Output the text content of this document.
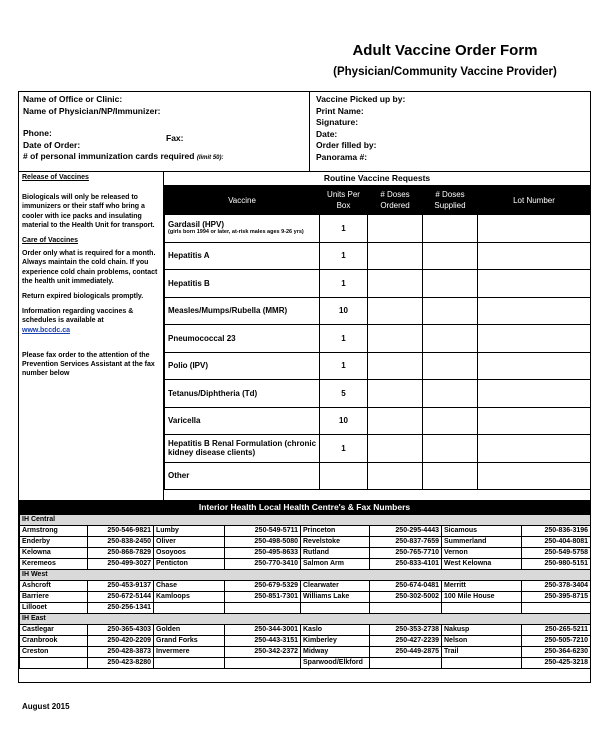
Adult Vaccine Order Form
(Physician/Community Vaccine Provider)
Name of Office or Clinic:
Name of Physician/NP/Immunizer:
Phone:	Fax:
Date of Order:
# of personal immunization cards required (limit 50):
Vaccine Picked up by:
Print Name:
Signature:
Date:
Order filled by:
Panorama #:
Release of Vaccines

Biologicals will only be released to immunizers or their staff who bring a cooler with ice packs and insulating material to the Health Unit for transport.

Care of Vaccines

Order only what is required for a month. Always maintain the cold chain. If you experience cold chain problems, contact the health unit immediately.

Return expired biologicals promptly.

Information regarding vaccines & schedules is available at

www.bccdc.ca

Please fax order to the attention of the Prevention Services Assistant at the fax number below

Routine Vaccine Requests
Vaccine	Units Per Box	# Doses Ordered	# Doses Supplied	Lot Number
Gardasil (HPV)
(girls born 1994 or later, at-risk males ages 9-26 yrs)	1			
Hepatitis A	1			
Hepatitis B	1			
Measles/Mumps/Rubella (MMR)	10			
Pneumococcal 23	1			
Polio (IPV)	1			
Tetanus/Diphtheria (Td)	5			
Varicella	10			
Hepatitis B Renal Formulation (chronic kidney disease clients)	1			
Other				
Interior Health Local Health Centre's & Fax Numbers
IH Central							
Armstrong	250-546-9821	Lumby	250-549-5711	Princeton	250-295-4443	Sicamous	250-836-3196
Enderby	250-838-2450	Oliver	250-498-5080	Revelstoke	250-837-7659	Summerland	250-404-8081
Kelowna	250-868-7829	Osoyoos	250-495-8633	Rutland	250-765-7710	Vernon	250-549-5758
Keremeos	250-499-3027	Penticton	250-770-3410	Salmon Arm	250-833-4101	West Kelowna	250-980-5151
IH West							
Ashcroft	250-453-9137	Chase	250-679-5329	Clearwater	250-674-0481	Merritt	250-378-3404
Barriere	250-672-5144	Kamloops	250-851-7301	Williams Lake	250-302-5002	100 Mile House	250-395-8715
Lillooet	250-256-1341						
IH East							
Castlegar	250-365-4303	Golden	250-344-3001	Kaslo	250-353-2738	Nakusp	250-265-5211
Cranbrook	250-420-2209	Grand Forks	250-443-3151	Kimberley	250-427-2239	Nelson	250-505-7210
Creston	250-428-3873	Invermere	250-342-2372	Midway	250-449-2875	Trail	250-364-6230
	250-423-8280			Sparwood/Elkford			250-425-3218
August 2015
